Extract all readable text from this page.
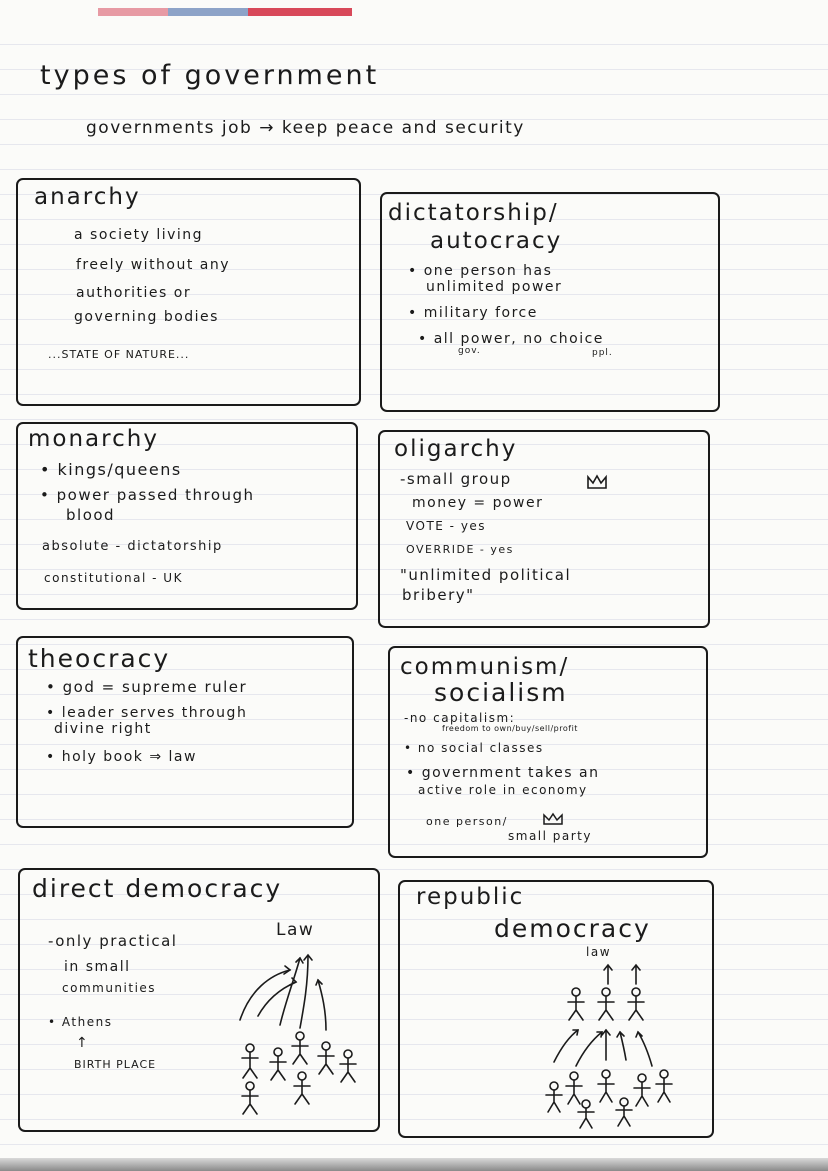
types of government
governments job → keep peace and security
anarchy
a society living
freely without any
authorities or
governing bodies
...STATE OF NATURE...
dictatorship/
autocracy
• one person has
unlimited power
• military force
• all power, no choice
gov.	ppl.
monarchy
• kings/queens
• power passed through
blood
absolute - dictatorship
constitutional - UK
oligarchy
-small group
money = power
VOTE - yes
OVERRIDE - yes
"unlimited political
bribery"
theocracy
• god = supreme ruler
• leader serves through
divine right
• holy book ⇒ law
communism/
socialism
-no capitalism:
freedom to own/buy/sell/profit
• no social classes
• government takes an
active role in economy
one person/
small party
direct democracy
Law
-only practical
in small
communities
• Athens
↑
BIRTH PLACE
republic
democracy
law
